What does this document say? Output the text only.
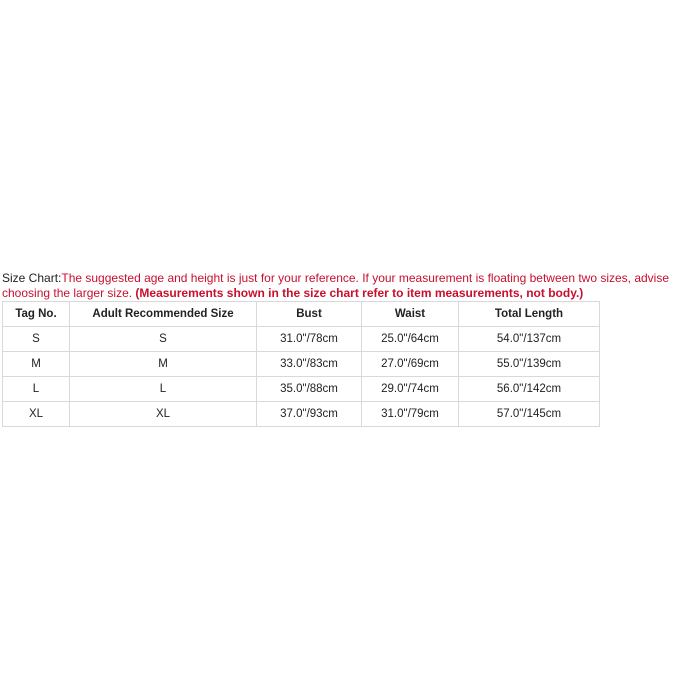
Size Chart:The suggested age and height is just for your reference. If your measurement is floating between two sizes, advise choosing the larger size. (Measurements shown in the size chart refer to item measurements, not body.)

Tag No.	Adult Recommended Size	Bust	Waist	Total Length
S	S	31.0"/78cm	25.0"/64cm	54.0"/137cm
M	M	33.0"/83cm	27.0"/69cm	55.0"/139cm
L	L	35.0"/88cm	29.0"/74cm	56.0"/142cm
XL	XL	37.0"/93cm	31.0"/79cm	57.0"/145cm
